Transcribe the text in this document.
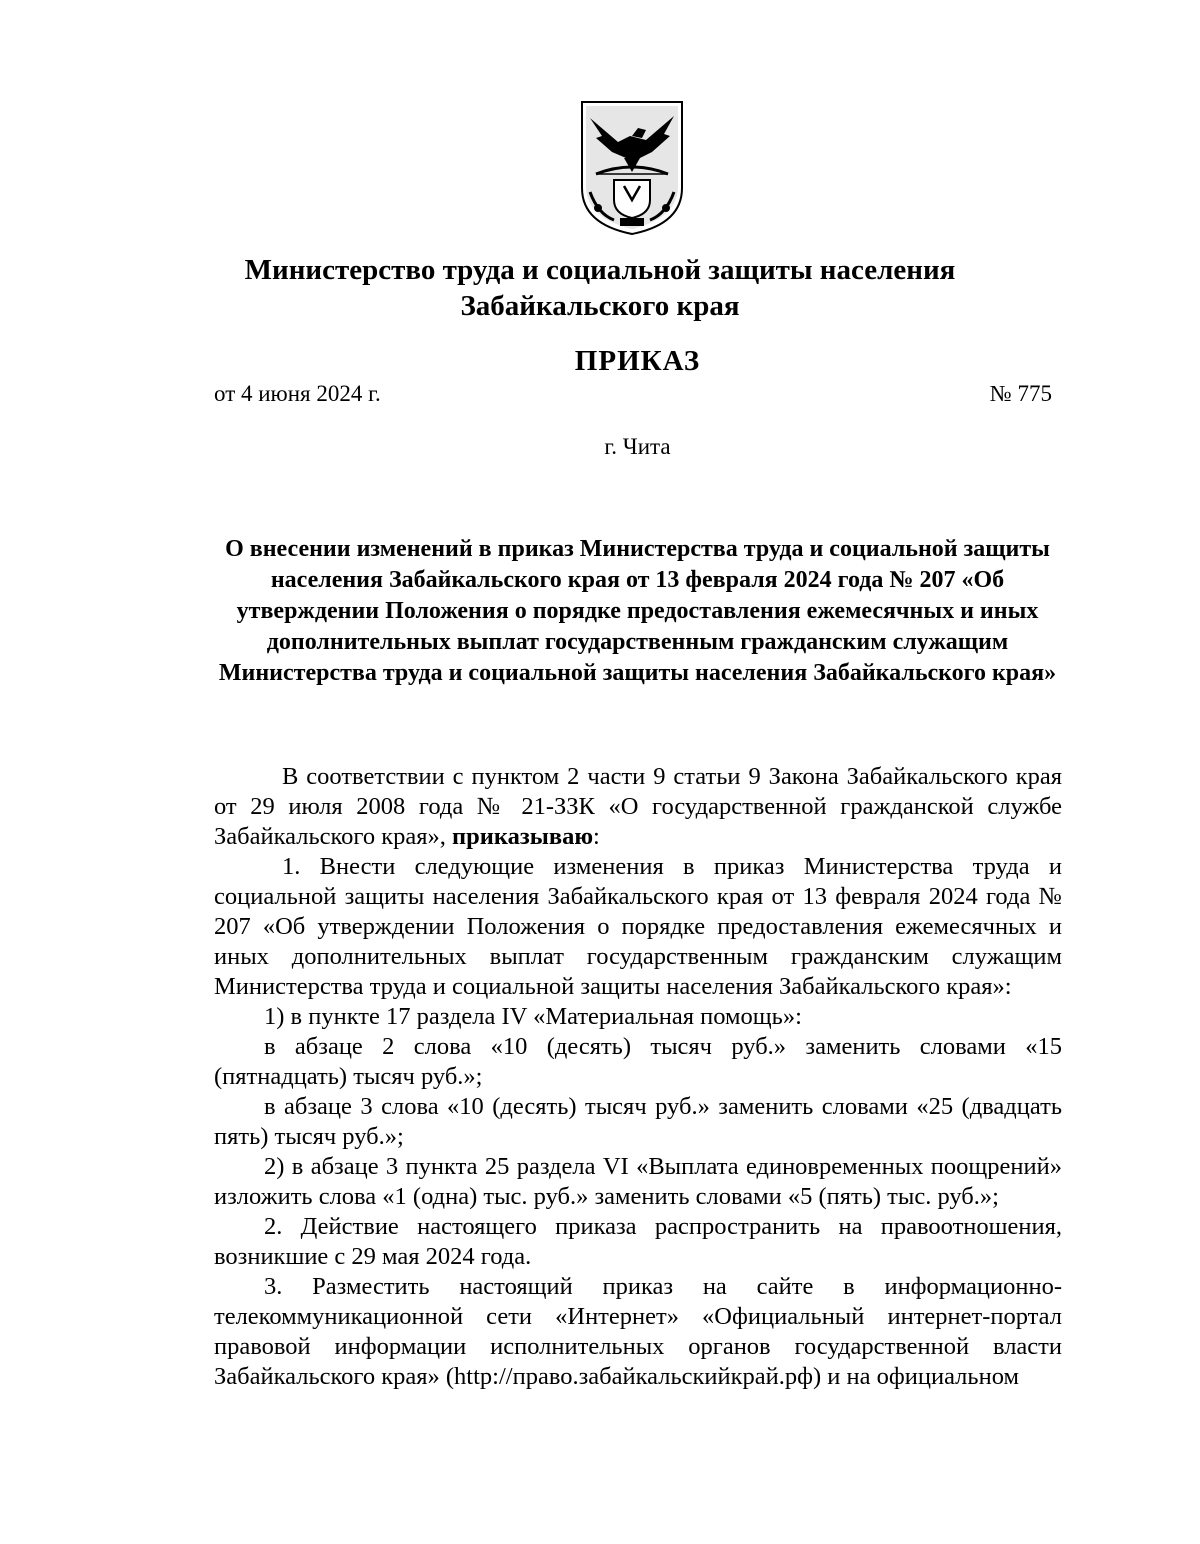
Министерство труда и социальной защиты населения
Забайкальского края
ПРИКАЗ
от 4 июня 2024 г.	№ 775
г. Чита
О внесении изменений в приказ Министерства труда и социальной защиты населения Забайкальского края от 13 февраля 2024 года № 207 «Об утверждении Положения о порядке предоставления ежемесячных и иных дополнительных выплат государственным гражданским служащим Министерства труда и социальной защиты населения Забайкальского края»

В соответствии с пунктом 2 части 9 статьи 9 Закона Забайкальского края от 29 июля 2008 года № 21-ЗЗК «О государственной гражданской службе Забайкальского края», приказываю:

1. Внести следующие изменения в приказ Министерства труда и социальной защиты населения Забайкальского края от 13 февраля 2024 года № 207 «Об утверждении Положения о порядке предоставления ежемесячных и иных дополнительных выплат государственным гражданским служащим Министерства труда и социальной защиты населения Забайкальского края»:

1) в пункте 17 раздела IV «Материальная помощь»:

в абзаце 2 слова «10 (десять) тысяч руб.» заменить словами «15 (пятнадцать) тысяч руб.»;

в абзаце 3 слова «10 (десять) тысяч руб.» заменить словами «25 (двадцать пять) тысяч руб.»;

2) в абзаце 3 пункта 25 раздела VI «Выплата единовременных поощрений» изложить слова «1 (одна) тыс. руб.» заменить словами «5 (пять) тыс. руб.»;

2. Действие настоящего приказа распространить на правоотношения, возникшие с 29 мая 2024 года.

3. Разместить настоящий приказ на сайте в информационно-телекоммуникационной сети «Интернет» «Официальный интернет-портал правовой информации исполнительных органов государственной власти Забайкальского края» (http://право.забайкальскийкрай.рф) и на официальном
